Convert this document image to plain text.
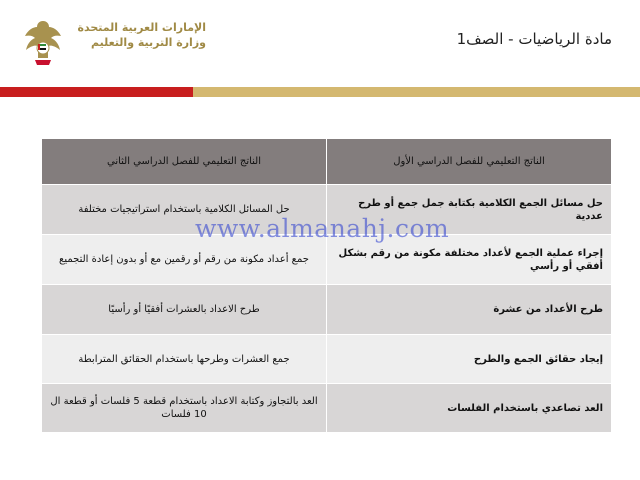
الإمارات العربية المتحدة
وزارة التربية والتعليم	مادة الرياضيات - الصف1
الناتج التعليمي للفصل الدراسي الأول	الناتج التعليمي للفصل الدراسي الثاني
حل مسائل الجمع الكلامية بكتابة جمل جمع أو طرح عددية	حل المسائل الكلامية باستخدام استراتيجيات مختلفة
إجراء عملية الجمع لأعداد مختلفة مكونة من رقم بشكل أفقي أو رأسي	جمع أعداد مكونة من رقم أو رقمين مع أو بدون إعادة التجميع
طرح الأعداد من عشرة	طرح الاعداد بالعشرات أفقيًا أو رأسيًا
إيجاد حقائق الجمع والطرح	جمع العشرات وطرحها باستخدام الحقائق المترابطة
العد تصاعدي باستخدام الفلسات	العد بالتجاوز وكتابة الاعداد باستخدام قطعة 5 فلسات أو قطعة ال 10 فلسات
www.almanahj.com
